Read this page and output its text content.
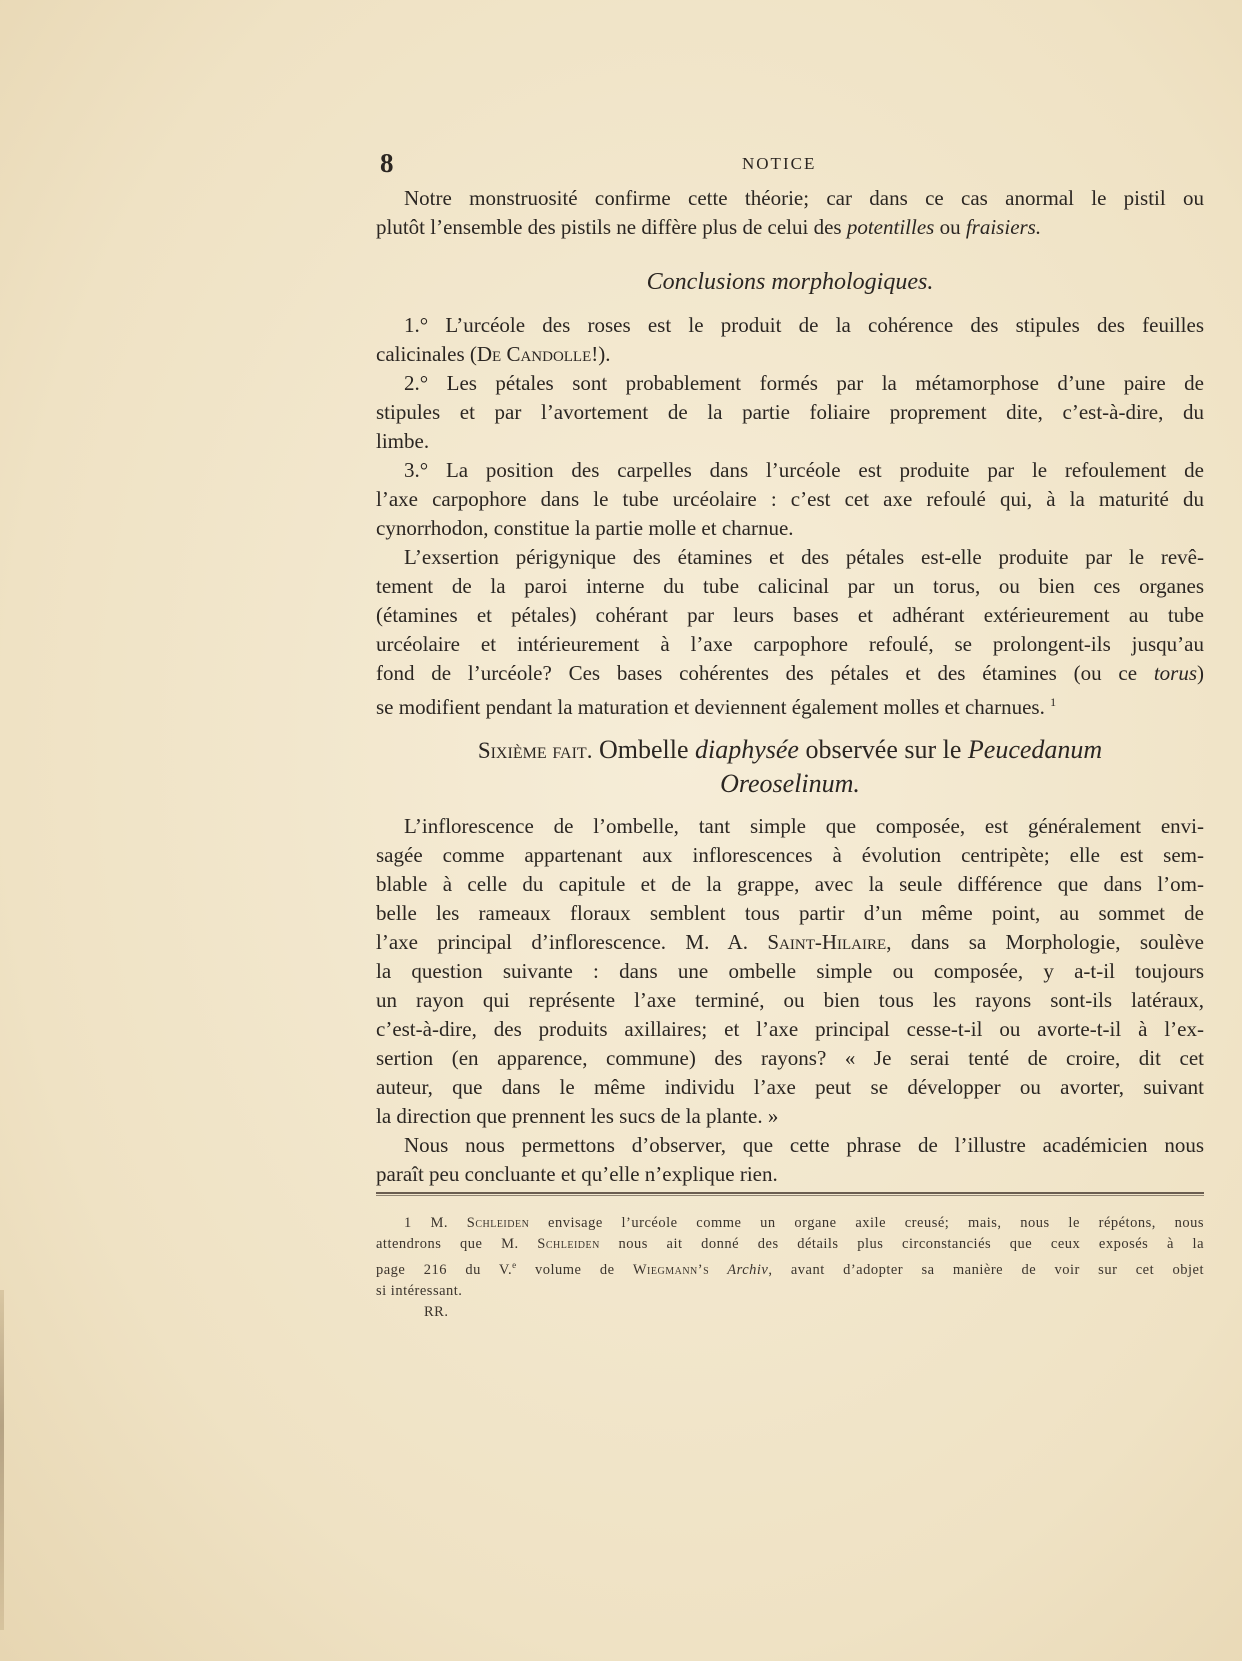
8	NOTICE
Notre monstruosité confirme cette théorie; car dans ce cas anormal le pistil ou
plutôt l’ensemble des pistils ne diffère plus de celui des potentilles ou fraisiers.
Conclusions morphologiques.
1.° L’urcéole des roses est le produit de la cohérence des stipules des feuilles
calicinales (De Candolle!).
2.° Les pétales sont probablement formés par la métamorphose d’une paire de
stipules et par l’avortement de la partie foliaire proprement dite, c’est-à-dire, du
limbe.
3.° La position des carpelles dans l’urcéole est produite par le refoulement de
l’axe carpophore dans le tube urcéolaire : c’est cet axe refoulé qui, à la maturité du
cynorrhodon, constitue la partie molle et charnue.
L’exsertion périgynique des étamines et des pétales est-elle produite par le revê-
tement de la paroi interne du tube calicinal par un torus, ou bien ces organes
(étamines et pétales) cohérant par leurs bases et adhérant extérieurement au tube
urcéolaire et intérieurement à l’axe carpophore refoulé, se prolongent-ils jusqu’au
fond de l’urcéole? Ces bases cohérentes des pétales et des étamines (ou ce torus)
se modifient pendant la maturation et deviennent également molles et charnues. $^1$
Sixième fait. Ombelle diaphysée observée sur le Peucedanum
Oreoselinum.
L’inflorescence de l’ombelle, tant simple que composée, est généralement envi-
sagée comme appartenant aux inflorescences à évolution centripète; elle est sem-
blable à celle du capitule et de la grappe, avec la seule différence que dans l’om-
belle les rameaux floraux semblent tous partir d’un même point, au sommet de
l’axe principal d’inflorescence. M. A. Saint-Hilaire, dans sa Morphologie, soulève
la question suivante : dans une ombelle simple ou composée, y a-t-il toujours
un rayon qui représente l’axe terminé, ou bien tous les rayons sont-ils latéraux,
c’est-à-dire, des produits axillaires; et l’axe principal cesse-t-il ou avorte-t-il à l’ex-
sertion (en apparence, commune) des rayons? « Je serai tenté de croire, dit cet
auteur, que dans le même individu l’axe peut se développer ou avorter, suivant
la direction que prennent les sucs de la plante. »
Nous nous permettons d’observer, que cette phrase de l’illustre académicien nous
paraît peu concluante et qu’elle n’explique rien.
1 M. Schleiden envisage l’urcéole comme un organe axile creusé; mais, nous le répétons, nous
attendrons que M. Schleiden nous ait donné des détails plus circonstanciés que ceux exposés à la
page 216 du V.$^e$ volume de Wiegmann’s Archiv, avant d’adopter sa manière de voir sur cet objet
si intéressant.
RR.
